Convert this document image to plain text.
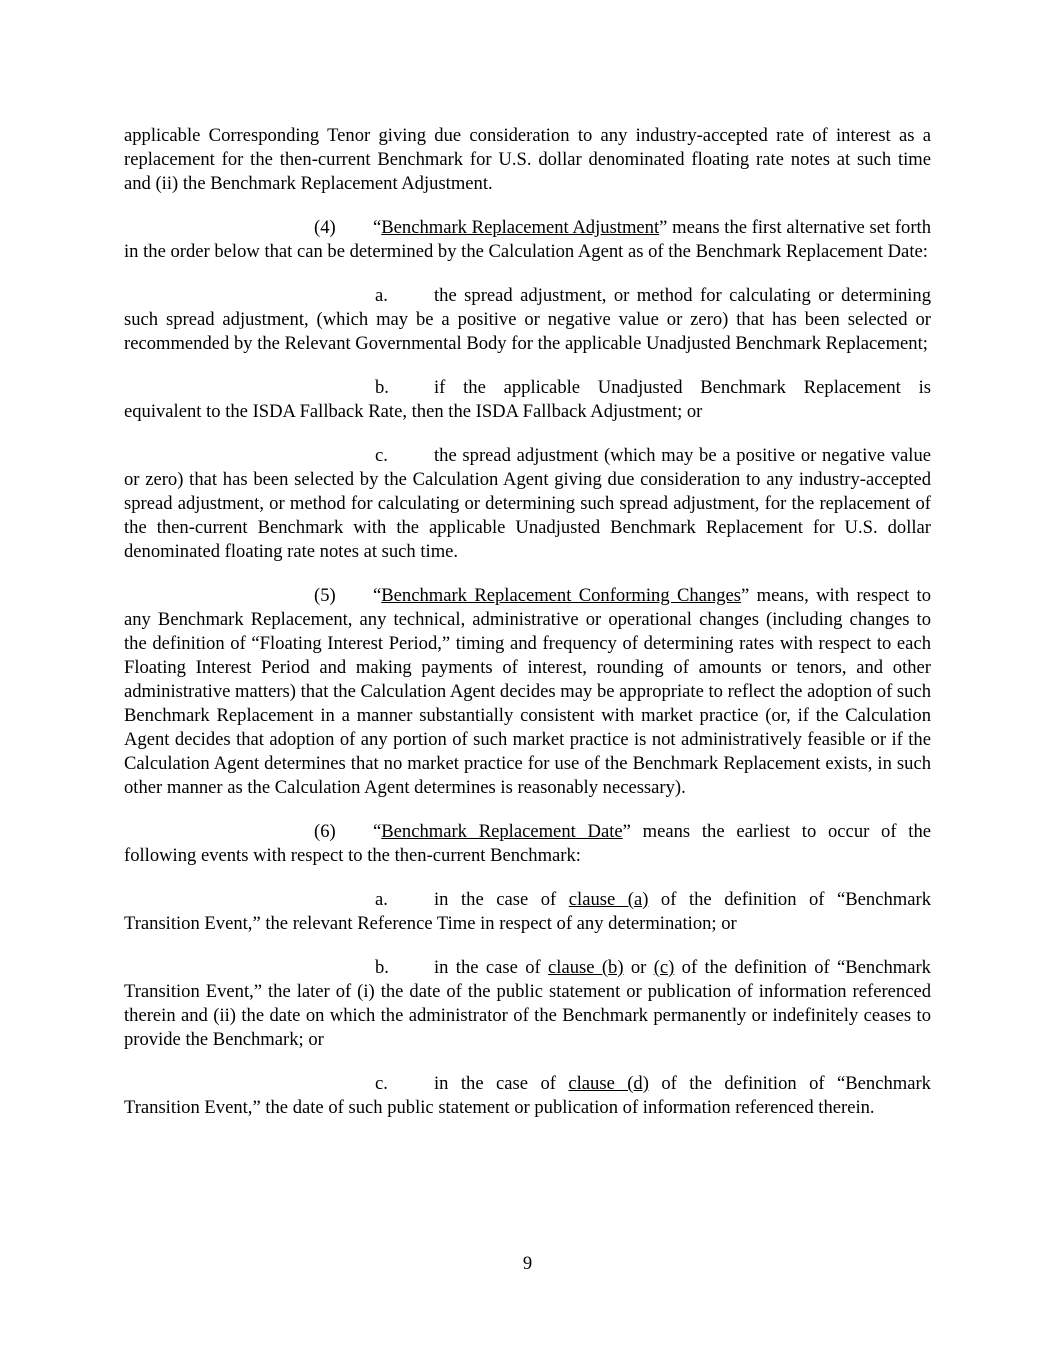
applicable Corresponding Tenor giving due consideration to any industry-accepted rate of interest as a replacement for the then-current Benchmark for U.S. dollar denominated floating rate notes at such time and (ii) the Benchmark Replacement Adjustment.

(4) “Benchmark Replacement Adjustment” means the first alternative set forth in the order below that can be determined by the Calculation Agent as of the Benchmark Replacement Date:

a. the spread adjustment, or method for calculating or determining such spread adjustment, (which may be a positive or negative value or zero) that has been selected or recommended by the Relevant Governmental Body for the applicable Unadjusted Benchmark Replacement;

b. if the applicable Unadjusted Benchmark Replacement is equivalent to the ISDA Fallback Rate, then the ISDA Fallback Adjustment; or

c. the spread adjustment (which may be a positive or negative value or zero) that has been selected by the Calculation Agent giving due consideration to any industry-accepted spread adjustment, or method for calculating or determining such spread adjustment, for the replacement of the then-current Benchmark with the applicable Unadjusted Benchmark Replacement for U.S. dollar denominated floating rate notes at such time.

(5) “Benchmark Replacement Conforming Changes” means, with respect to any Benchmark Replacement, any technical, administrative or operational changes (including changes to the definition of “Floating Interest Period,” timing and frequency of determining rates with respect to each Floating Interest Period and making payments of interest, rounding of amounts or tenors, and other administrative matters) that the Calculation Agent decides may be appropriate to reflect the adoption of such Benchmark Replacement in a manner substantially consistent with market practice (or, if the Calculation Agent decides that adoption of any portion of such market practice is not administratively feasible or if the Calculation Agent determines that no market practice for use of the Benchmark Replacement exists, in such other manner as the Calculation Agent determines is reasonably necessary).

(6) “Benchmark Replacement Date” means the earliest to occur of the following events with respect to the then-current Benchmark:

a. in the case of clause (a) of the definition of “Benchmark Transition Event,” the relevant Reference Time in respect of any determination; or

b. in the case of clause (b) or (c) of the definition of “Benchmark Transition Event,” the later of (i) the date of the public statement or publication of information referenced therein and (ii) the date on which the administrator of the Benchmark permanently or indefinitely ceases to provide the Benchmark; or

c. in the case of clause (d) of the definition of “Benchmark Transition Event,” the date of such public statement or publication of information referenced therein.

9
